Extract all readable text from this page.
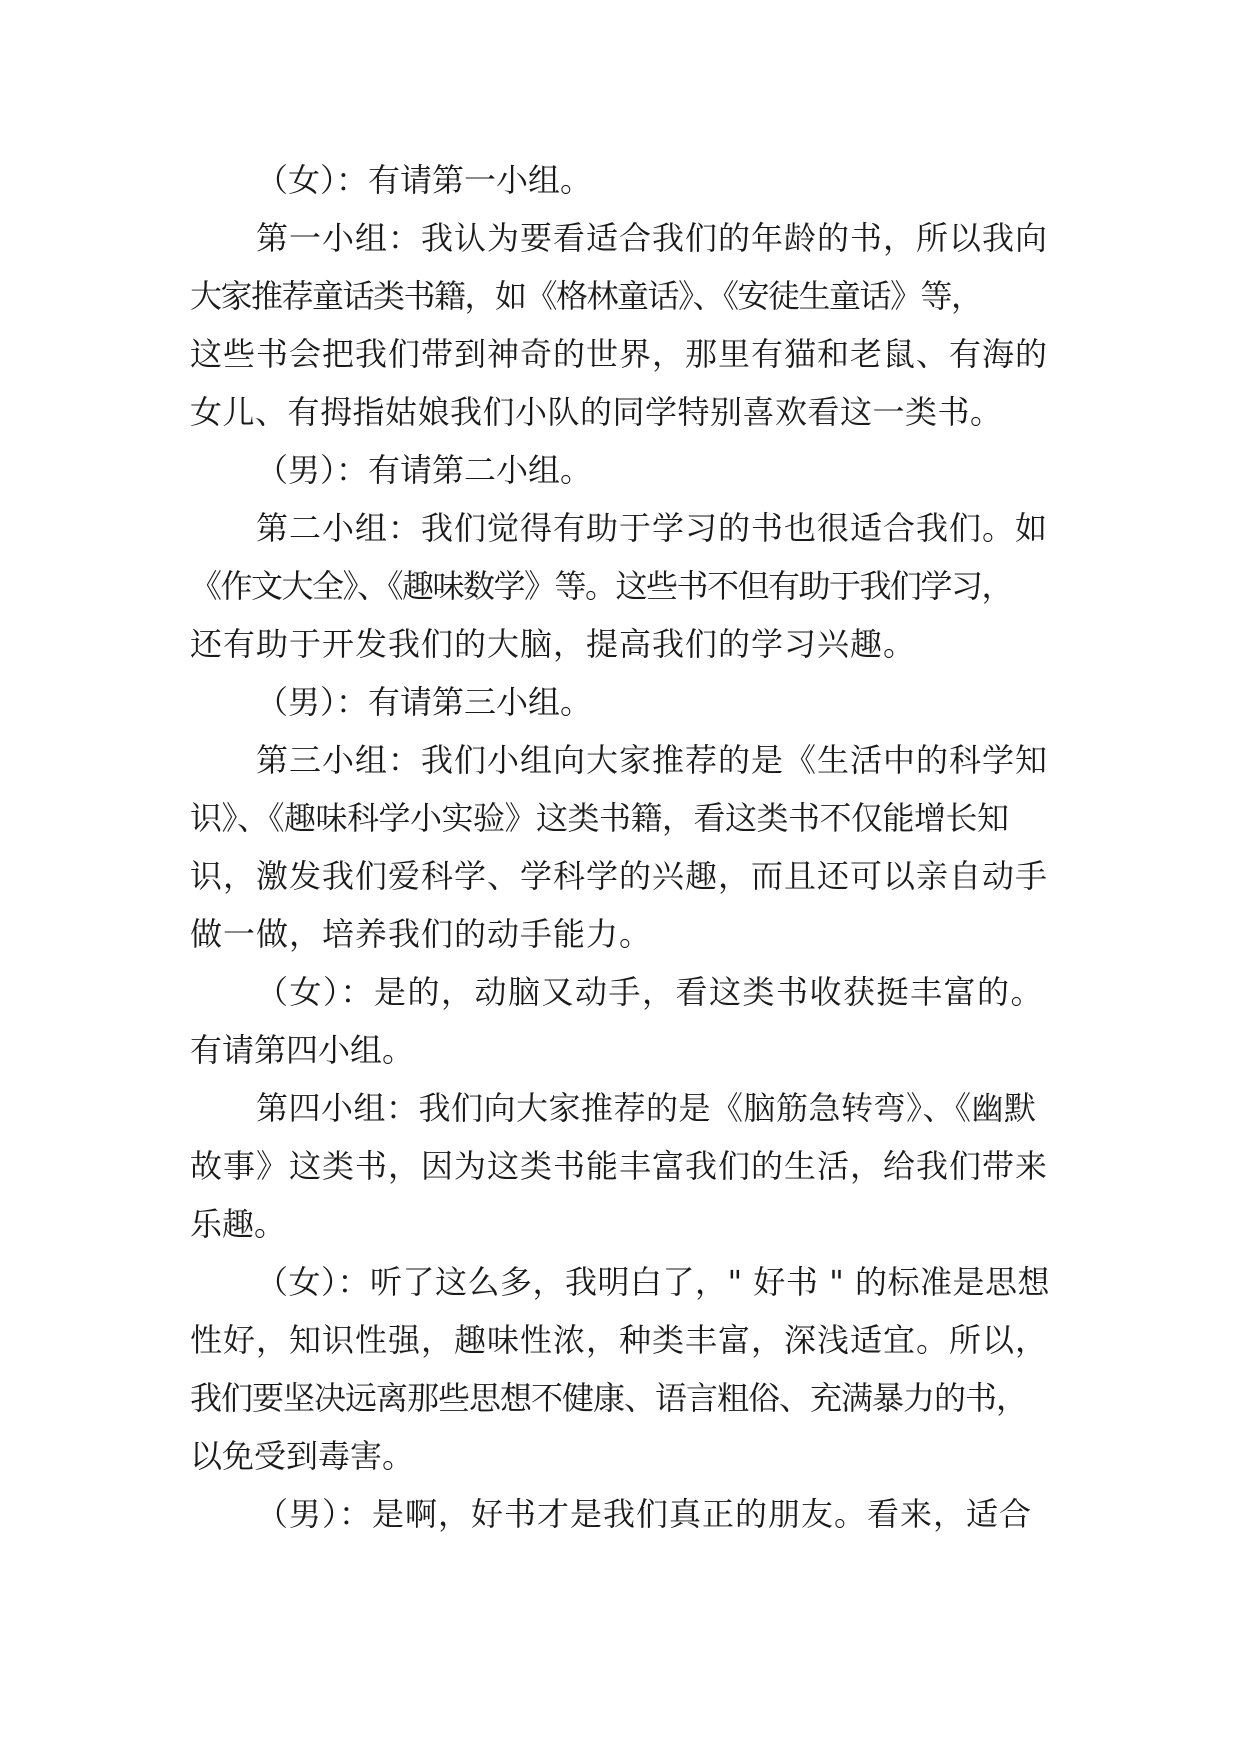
（女）：有请第一小组。
第一小组：我认为要看适合我们的年龄的书，所以我向
大家推荐童话类书籍，如《格林童话》、《安徒生童话》等，
这些书会把我们带到神奇的世界，那里有猫和老鼠、有海的
女儿、有拇指姑娘我们小队的同学特别喜欢看这一类书。
（男）：有请第二小组。
第二小组：我们觉得有助于学习的书也很适合我们。如
《作文大全》、《趣味数学》等。这些书不但有助于我们学习，
还有助于开发我们的大脑，提高我们的学习兴趣。
（男）：有请第三小组。
第三小组：我们小组向大家推荐的是《生活中的科学知
识》、《趣味科学小实验》这类书籍，看这类书不仅能增长知
识，激发我们爱科学、学科学的兴趣，而且还可以亲自动手
做一做，培养我们的动手能力。
（女）：是的，动脑又动手，看这类书收获挺丰富的。
有请第四小组。
第四小组：我们向大家推荐的是《脑筋急转弯》、《幽默
故事》这类书，因为这类书能丰富我们的生活，给我们带来
乐趣。
（女）：听了这么多，我明白了，" 好书 " 的标准是思想
性好，知识性强，趣味性浓，种类丰富，深浅适宜。所以，
我们要坚决远离那些思想不健康、语言粗俗、充满暴力的书，
以免受到毒害。
（男）：是啊，好书才是我们真正的朋友。看来，适合
